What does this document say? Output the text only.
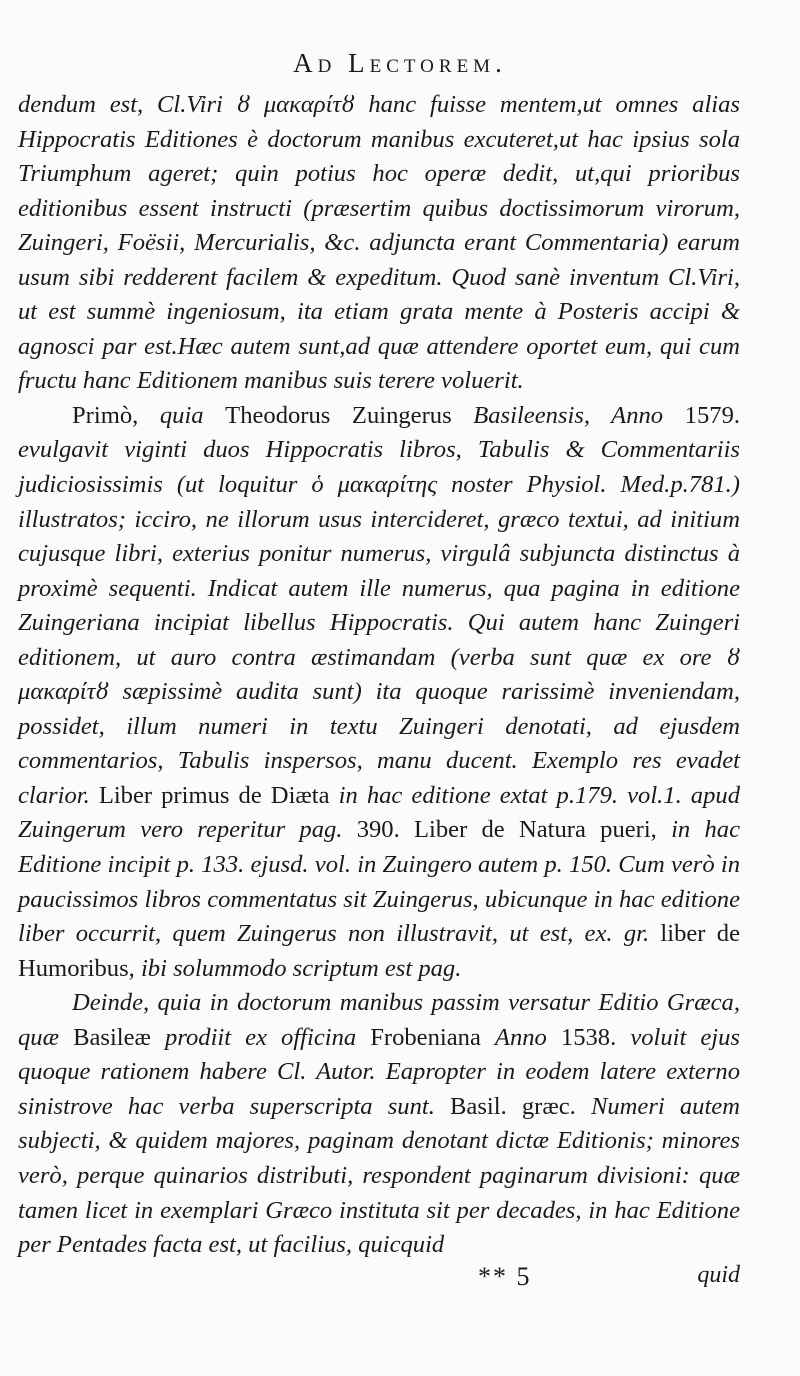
Ad Lectorem.

dendum est, Cl.Viri ȣ μακαρίτȣ hanc fuisse mentem,ut omnes alias Hippocratis Editiones è doctorum manibus excuteret,ut hac ipsius sola Triumphum ageret; quin potius hoc operæ dedit, ut,qui prioribus editionibus essent instructi (præsertim quibus doctissimorum virorum, Zuingeri, Foësii, Mercurialis, &c. adjuncta erant Commentaria) earum usum sibi redderent facilem & expeditum. Quod sanè inventum Cl.Viri, ut est summè ingeniosum, ita etiam grata mente à Posteris accipi & agnosci par est.Hæc autem sunt,ad quæ attendere oportet eum, qui cum fructu hanc Editionem manibus suis terere voluerit.

Primò, quia Theodorus Zuingerus Basileensis, Anno 1579. evulgavit viginti duos Hippocratis libros, Tabulis & Commentariis judiciosissimis (ut loquitur ὁ μακαρίτης noster Physiol. Med.p.781.) illustratos; icciro, ne illorum usus intercideret, græco textui, ad initium cujusque libri, exterius ponitur numerus, virgulâ subjuncta distinctus à proximè sequenti. Indicat autem ille numerus, qua pagina in editione Zuingeriana incipiat libellus Hippocratis. Qui autem hanc Zuingeri editionem, ut auro contra æstimandam (verba sunt quæ ex ore ȣ μακαρίτȣ sæpissimè audita sunt) ita quoque rarissimè inveniendam, possidet, illum numeri in textu Zuingeri denotati, ad ejusdem commentarios, Tabulis inspersos, manu ducent. Exemplo res evadet clarior. Liber primus de Diæta in hac editione extat p.179. vol.1. apud Zuingerum vero reperitur pag. 390. Liber de Natura pueri, in hac Editione incipit p. 133. ejusd. vol. in Zuingero autem p. 150. Cum verò in paucissimos libros commentatus sit Zuingerus, ubicunque in hac editione liber occurrit, quem Zuingerus non illustravit, ut est, ex. gr. liber de Humoribus, ibi solummodo scriptum est pag.

Deinde, quia in doctorum manibus passim versatur Editio Græca, quæ Basileæ prodiit ex officina Frobeniana Anno 1538. voluit ejus quoque rationem habere Cl. Autor. Eapropter in eodem latere externo sinistrove hac verba superscripta sunt. Basil. græc. Numeri autem subjecti, & quidem majores, paginam denotant dictæ Editionis; minores verò, perque quinarios distributi, respondent paginarum divisioni: quæ tamen licet in exemplari Græco instituta sit per decades, in hac Editione per Pentades facta est, ut facilius, quicquid

** 5	quid
